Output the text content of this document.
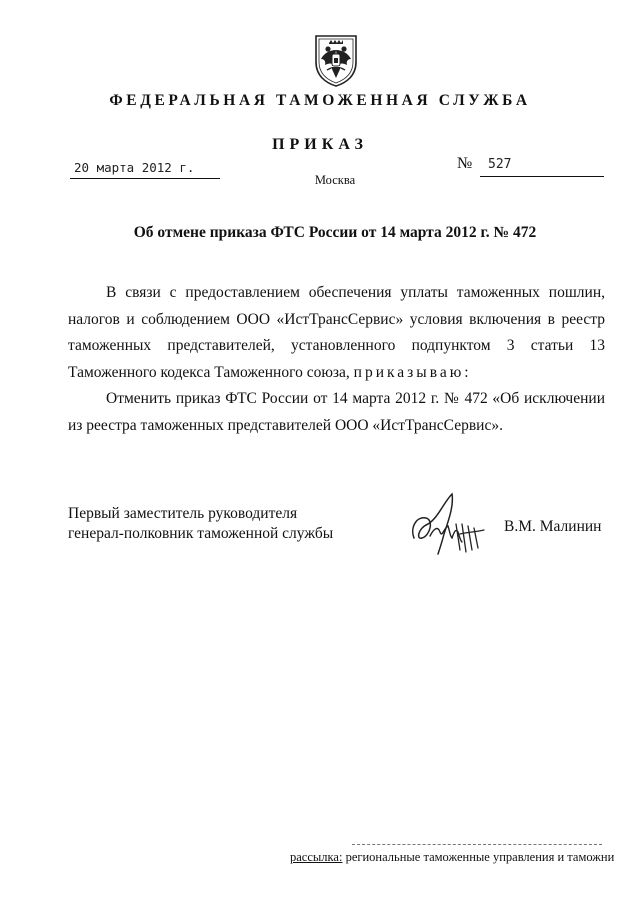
ФЕДЕРАЛЬНАЯ ТАМОЖЕННАЯ СЛУЖБА
ПРИКАЗ
20 марта 2012 г.	№ 527
Москва
Об отмене приказа ФТС России от 14 марта 2012 г. № 472

В связи с предоставлением обеспечения уплаты таможенных пошлин, налогов и соблюдением ООО «ИстТрансСервис» условия включения в реестр таможенных представителей, установленного подпунктом 3 статьи 13 Таможенного кодекса Таможенного союза, приказываю:

Отменить приказ ФТС России от 14 марта 2012 г. № 472 «Об исключении из реестра таможенных представителей ООО «ИстТрансСервис».

Первый заместитель руководителя
генерал-полковник таможенной службы	В.М. Малинин
рассылка: региональные таможенные управления и таможни
